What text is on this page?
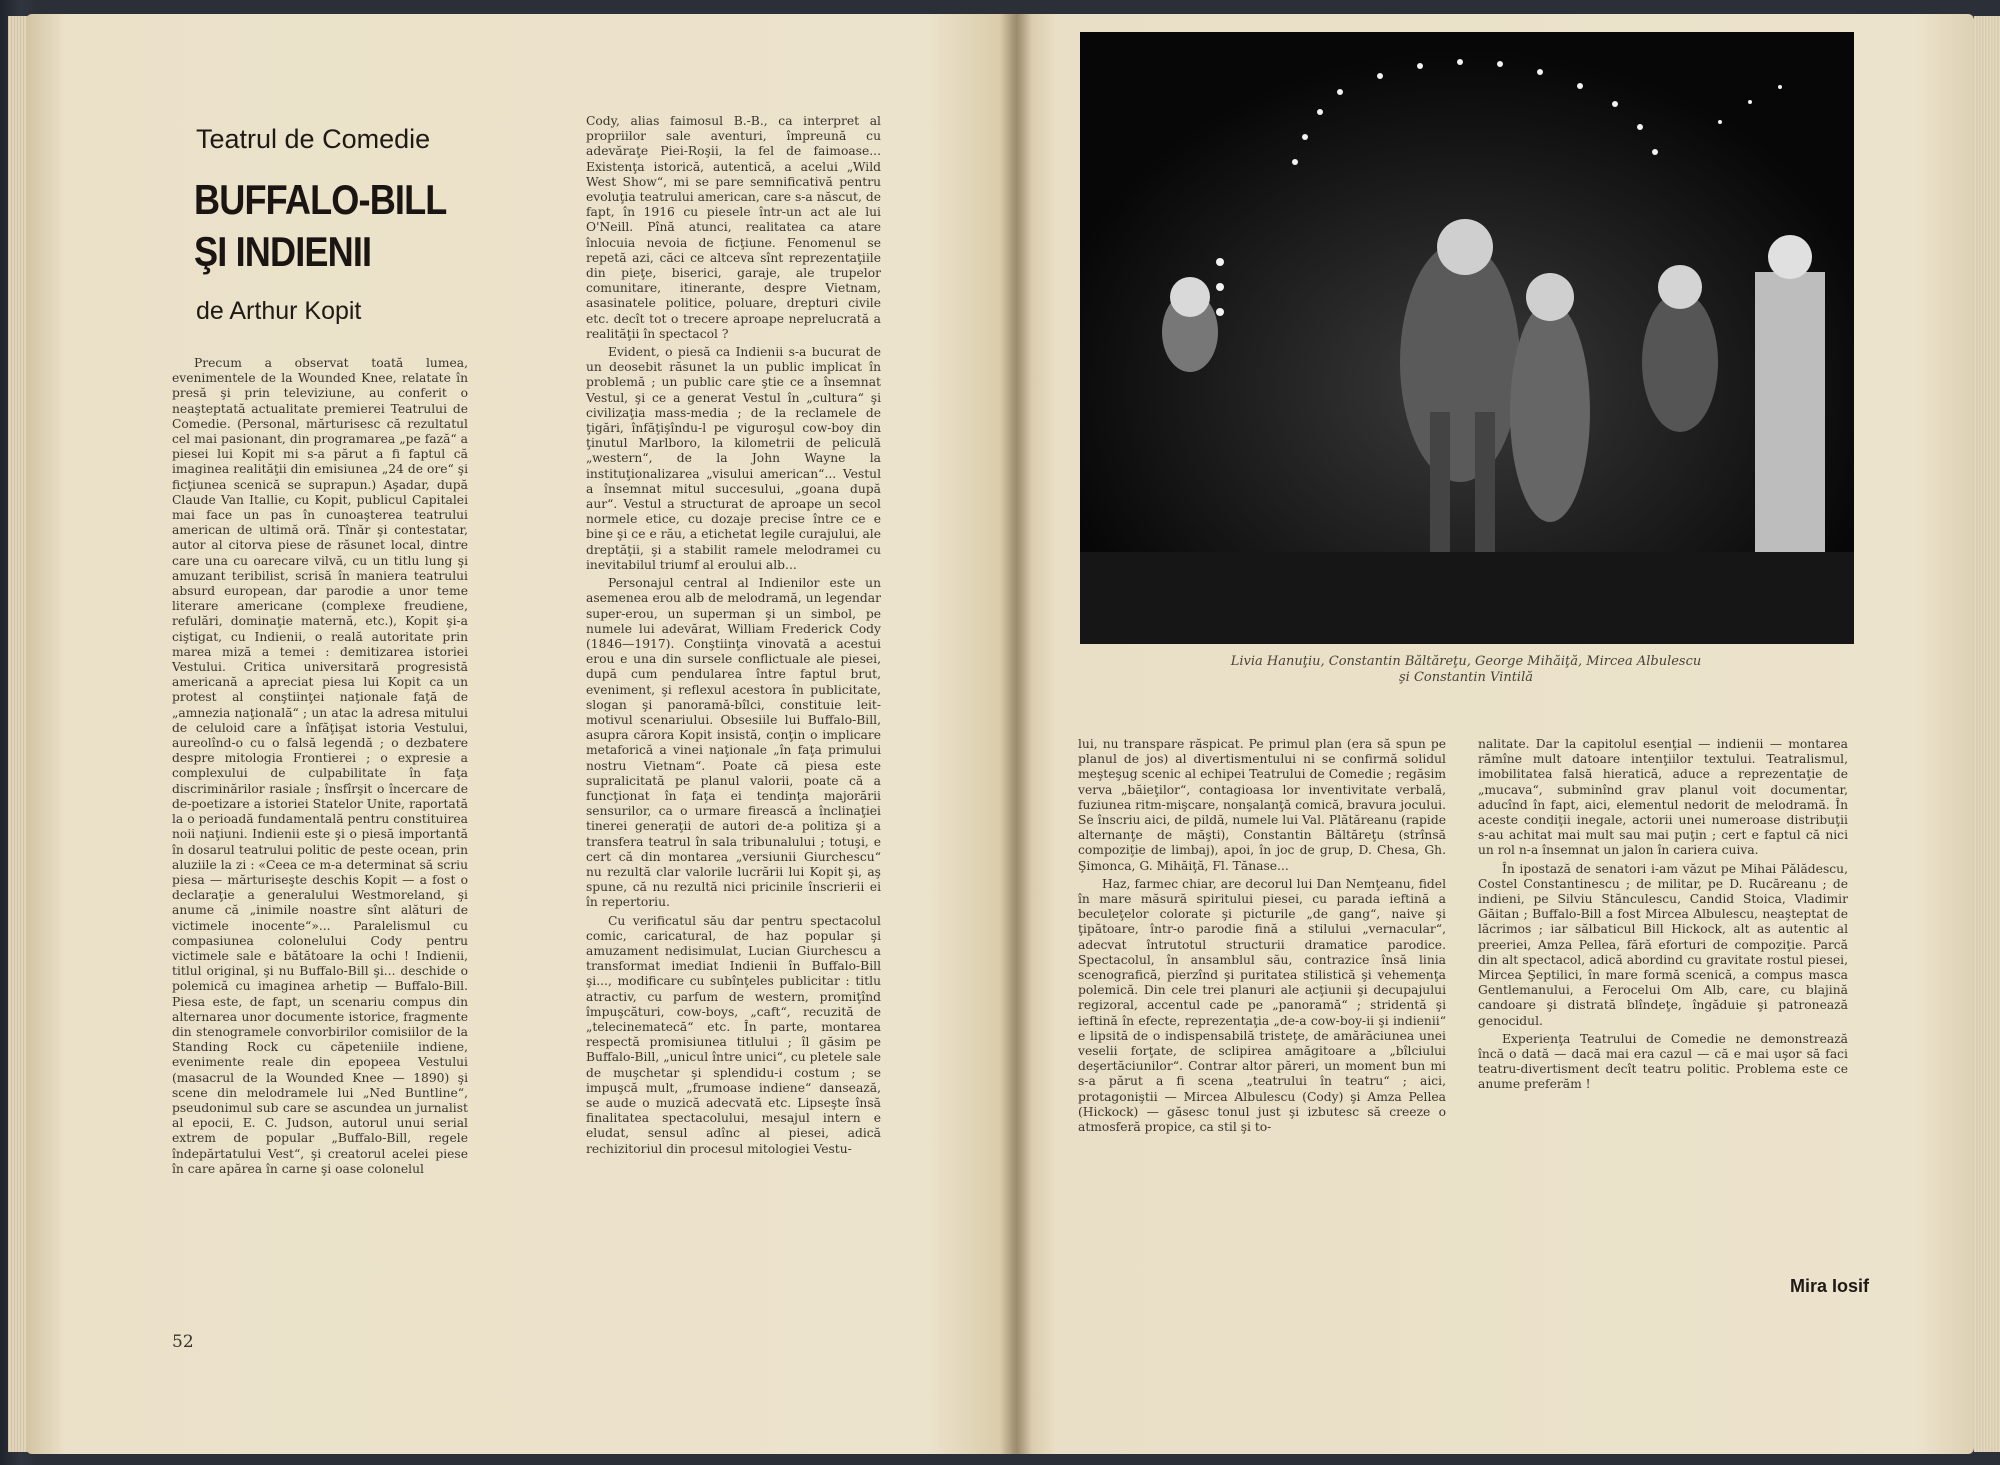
Teatrul de Comedie
BUFFALO-BILL
ŞI INDIENII
de Arthur Kopit

Precum a observat toată lumea, evenimentele de la Wounded Knee, relatate în presă şi prin televiziune, au conferit o neaşteptată actualitate premierei Teatrului de Comedie. (Personal, mărturisesc că rezultatul cel mai pasionant, din programarea „pe fază“ a piesei lui Kopit mi s-a părut a fi faptul că imaginea realităţii din emisiunea „24 de ore“ şi ficţiunea scenică se suprapun.) Aşadar, după Claude Van Itallie, cu Kopit, publicul Capitalei mai face un pas în cunoaşterea teatrului american de ultimă oră. Tînăr şi contestatar, autor al citorva piese de răsunet local, dintre care una cu oarecare vilvă, cu un titlu lung şi amuzant teribilist, scrisă în maniera teatrului absurd european, dar parodie a unor teme literare americane (complexe freudiene, refulări, dominaţie maternă, etc.), Kopit şi-a ciştigat, cu Indienii, o reală autoritate prin marea miză a temei : demitizarea istoriei Vestului. Critica universitară progresistă americană a apreciat piesa lui Kopit ca un protest al conştiinţei naţionale faţă de „amnezia naţională“ ; un atac la adresa mitului de celuloid care a înfăţişat istoria Vestului, aureolînd-o cu o falsă legendă ; o dezbatere despre mitologia Frontierei ; o expresie a complexului de culpabilitate în faţa discriminărilor rasiale ; însfîrşit o încercare de de-poetizare a istoriei Statelor Unite, raportată la o perioadă fundamentală pentru constituirea noii naţiuni. Indienii este şi o piesă importantă în dosarul teatrului politic de peste ocean, prin aluziile la zi : «Ceea ce m-a determinat să scriu piesa — mărturiseşte deschis Kopit — a fost o declaraţie a generalului Westmoreland, şi anume că „inimile noastre sînt alături de victimele inocente“»... Paralelismul cu compasiunea colonelului Cody pentru victimele sale e bătătoare la ochi ! Indienii, titlul original, şi nu Buffalo-Bill şi... deschide o polemică cu imaginea arhetip — Buffalo-Bill. Piesa este, de fapt, un scenariu compus din alternarea unor documente istorice, fragmente din stenogramele convorbirilor comisiilor de la Standing Rock cu căpeteniile indiene, evenimente reale din epopeea Vestului (masacrul de la Wounded Knee — 1890) şi scene din melodramele lui „Ned Buntline“, pseudonimul sub care se ascundea un jurnalist al epocii, E. C. Judson, autorul unui serial extrem de popular „Buffalo-Bill, regele îndepărtatului Vest“, şi creatorul acelei piese în care apărea în carne şi oase colonelul

Cody, alias faimosul B.-B., ca interpret al propriilor sale aventuri, împreună cu adevăraţe Piei-Roşii, la fel de faimoase... Existenţa istorică, autentică, a acelui „Wild West Show“, mi se pare semnificativă pentru evoluţia teatrului american, care s-a născut, de fapt, în 1916 cu piesele într-un act ale lui O'Neill. Pînă atunci, realitatea ca atare înlocuia nevoia de ficţiune. Fenomenul se repetă azi, căci ce altceva sînt reprezentaţiile din pieţe, biserici, garaje, ale trupelor comunitare, itinerante, despre Vietnam, asasinatele politice, poluare, drepturi civile etc. decît tot o trecere aproape neprelucrată a realităţii în spectacol ?

Evident, o piesă ca Indienii s-a bucurat de un deosebit răsunet la un public implicat în problemă ; un public care ştie ce a însemnat Vestul, şi ce a generat Vestul în „cultura“ şi civilizaţia mass-media ; de la reclamele de ţigări, înfăţişîndu-l pe viguroşul cow-boy din ţinutul Marlboro, la kilometrii de peliculă „western“, de la John Wayne la instituţionalizarea „visului american“... Vestul a însemnat mitul succesului, „goana după aur“. Vestul a structurat de aproape un secol normele etice, cu dozaje precise între ce e bine şi ce e rău, a etichetat legile curajului, ale dreptăţii, şi a stabilit ramele melodramei cu inevitabilul triumf al eroului alb...

Personajul central al Indienilor este un asemenea erou alb de melodramă, un legendar super-erou, un superman şi un simbol, pe numele lui adevărat, William Frederick Cody (1846—1917). Conştiinţa vinovată a acestui erou e una din sursele conflictuale ale piesei, după cum pendularea între faptul brut, eveniment, şi reflexul acestora în publicitate, slogan şi panoramă-bîlci, constituie leit-motivul scenariului. Obsesiile lui Buffalo-Bill, asupra cărora Kopit insistă, conţin o implicare metaforică a vinei naţionale „în faţa primului nostru Vietnam“. Poate că piesa este supralicitată pe planul valorii, poate că a funcţionat în faţa ei tendinţa majorării sensurilor, ca o urmare firească a înclinaţiei tinerei generaţii de autori de-a politiza şi a transfera teatrul în sala tribunalului ; totuşi, e cert că din montarea „versiunii Giurchescu“ nu rezultă clar valorile lucrării lui Kopit şi, aş spune, că nu rezultă nici pricinile înscrierii ei în repertoriu.

Cu verificatul său dar pentru spectacolul comic, caricatural, de haz popular şi amuzament nedisimulat, Lucian Giurchescu a transformat imediat Indienii în Buffalo-Bill şi..., modificare cu subînţeles publicitar : titlu atractiv, cu parfum de western, promiţînd împuşcături, cow-boys, „caft“, recuzită de „telecinematecă“ etc. În parte, montarea respectă promisiunea titlului ; îl găsim pe Buffalo-Bill, „unicul între unici“, cu pletele sale de muşchetar şi splendidu-i costum ; se impuşcă mult, „frumoase indiene“ dansează, se aude o muzică adecvată etc. Lipseşte însă finalitatea spectacolului, mesajul intern e eludat, sensul adînc al piesei, adică rechizitoriul din procesul mitologiei Vestu-

52
Livia Hanuţiu, Constantin Băltăreţu, George Mihăiţă, Mircea Albulescu
şi Constantin Vintilă

lui, nu transpare răspicat. Pe primul plan (era să spun pe planul de jos) al divertismentului ni se confirmă solidul meşteşug scenic al echipei Teatrului de Comedie ; regăsim verva „băieţilor“, contagioasa lor inventivitate verbală, fuziunea ritm-mişcare, nonşalanţă comică, bravura jocului. Se înscriu aici, de pildă, numele lui Val. Plătăreanu (rapide alternanţe de măşti), Constantin Băltăreţu (strînsă compoziţie de limbaj), apoi, în joc de grup, D. Chesa, Gh. Şimonca, G. Mihăiţă, Fl. Tănase...

Haz, farmec chiar, are decorul lui Dan Nemţeanu, fidel în mare măsură spiritului piesei, cu parada ieftină a beculeţelor colorate şi picturile „de gang“, naive şi ţipătoare, într-o parodie fină a stilului „vernacular“, adecvat întrutotul structurii dramatice parodice. Spectacolul, în ansamblul său, contrazice însă linia scenografică, pierzînd şi puritatea stilistică şi vehemenţa polemică. Din cele trei planuri ale acţiunii şi decupajului regizoral, accentul cade pe „panoramă“ ; stridentă şi ieftină în efecte, reprezentaţia „de-a cow-boy-ii şi indienii“ e lipsită de o indispensabilă tristeţe, de amărăciunea unei veselii forţate, de sclipirea amăgitoare a „bîlciului deşertăciunilor“. Contrar altor păreri, un moment bun mi s-a părut a fi scena „teatrului în teatru“ ; aici, protagoniştii — Mircea Albulescu (Cody) şi Amza Pellea (Hickock) — găsesc tonul just şi izbutesc să creeze o atmosferă propice, ca stil şi to-

nalitate. Dar la capitolul esenţial — indienii — montarea rămîne mult datoare intenţiilor textului. Teatralismul, imobilitatea falsă hieratică, aduce a reprezentaţie de „mucava“, subminînd grav planul voit documentar, aducînd în fapt, aici, elementul nedorit de melodramă. În aceste condiţii inegale, actorii unei numeroase distribuţii s-au achitat mai mult sau mai puţin ; cert e faptul că nici un rol n-a însemnat un jalon în cariera cuiva.

În ipostază de senatori i-am văzut pe Mihai Pălădescu, Costel Constantinescu ; de militar, pe D. Rucăreanu ; de indieni, pe Silviu Stănculescu, Candid Stoica, Vladimir Găitan ; Buffalo-Bill a fost Mircea Albulescu, neaşteptat de lăcrimos ; iar sălbaticul Bill Hickock, alt as autentic al preeriei, Amza Pellea, fără eforturi de compoziţie. Parcă din alt spectacol, adică abordind cu gravitate rostul piesei, Mircea Şeptilici, în mare formă scenică, a compus masca Gentlemanului, a Ferocelui Om Alb, care, cu blajină candoare şi distrată blîndeţe, îngăduie şi patronează genocidul.

Experienţa Teatrului de Comedie ne demonstrează încă o dată — dacă mai era cazul — că e mai uşor să faci teatru-divertisment decît teatru politic. Problema este ce anume preferăm !

Mira Iosif
